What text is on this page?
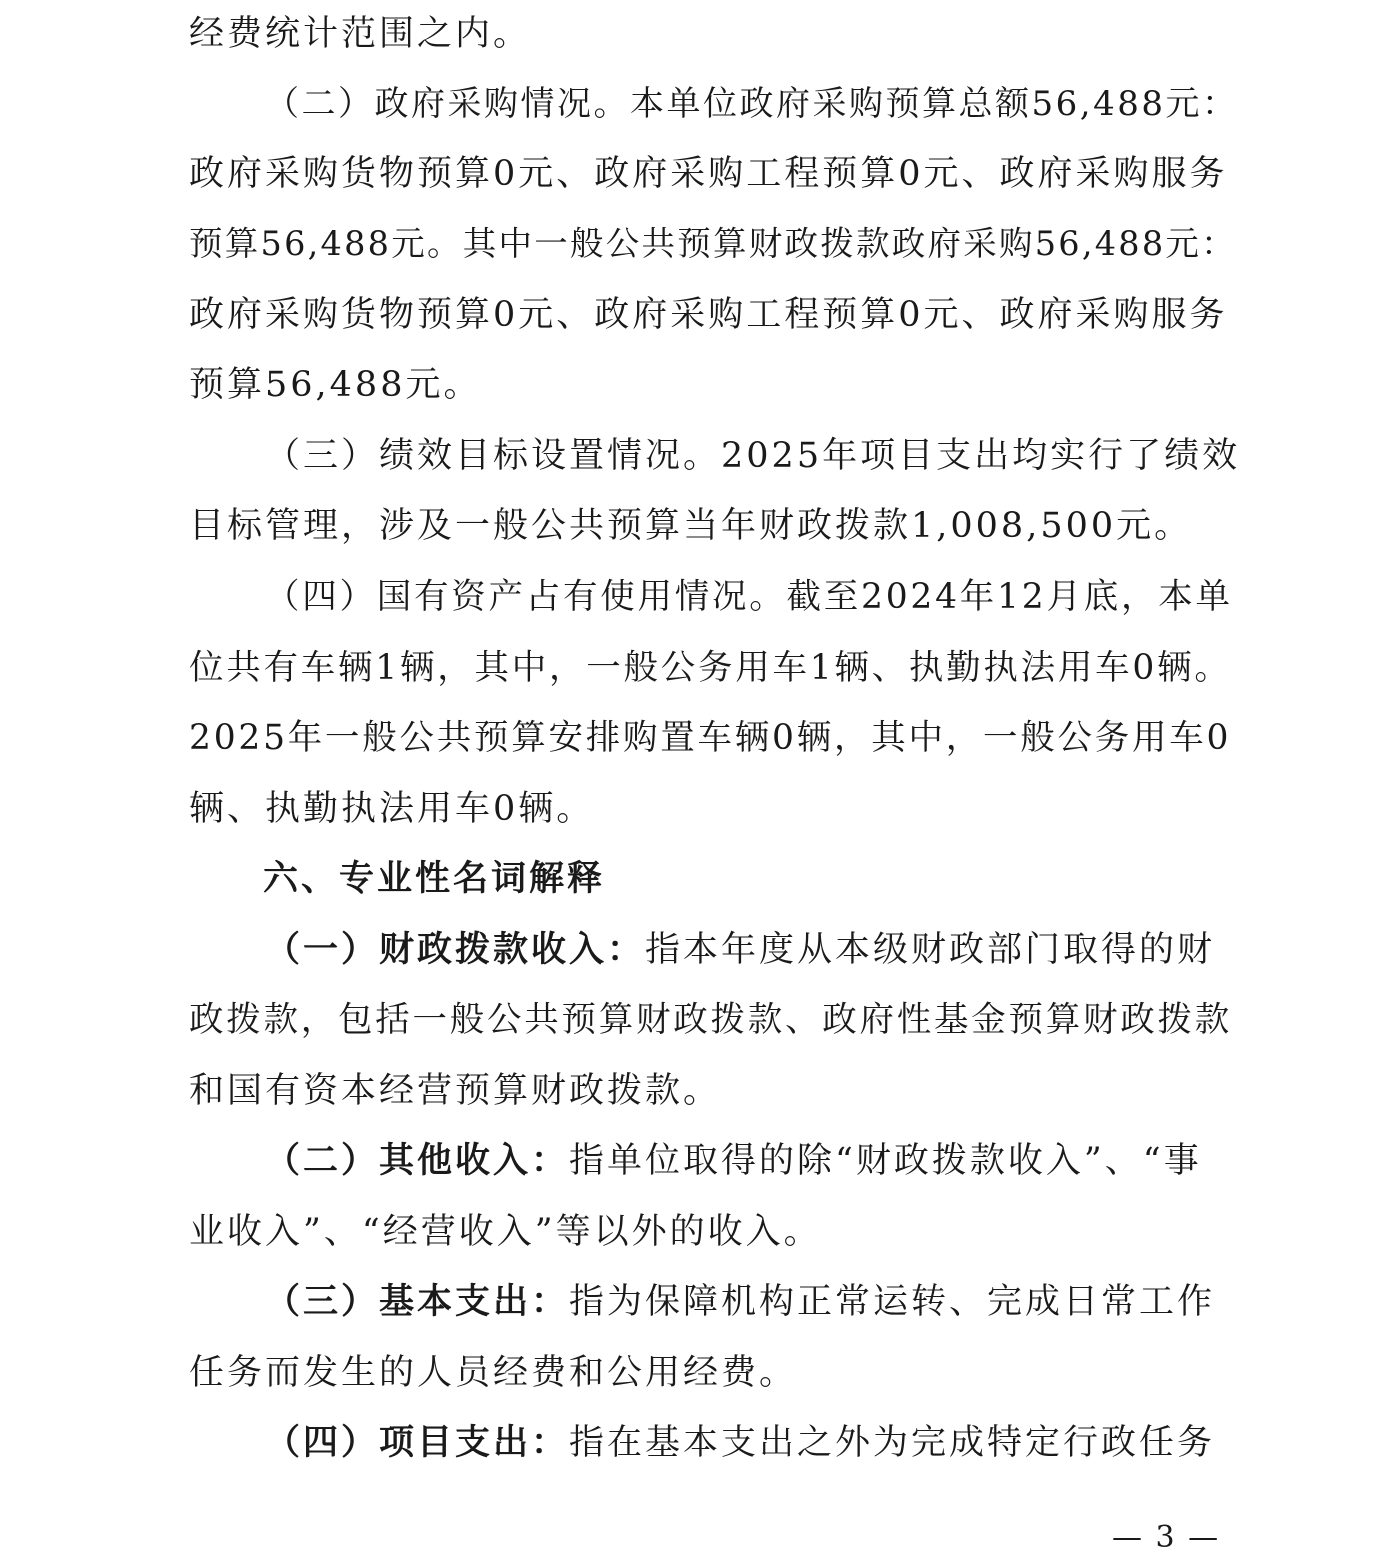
经费统计范围之内。
（二）政府采购情况。本单位政府采购预算总额56,488元：
政府采购货物预算0元、政府采购工程预算0元、政府采购服务
预算56,488元。其中一般公共预算财政拨款政府采购56,488元：
政府采购货物预算0元、政府采购工程预算0元、政府采购服务
预算56,488元。
（三）绩效目标设置情况。2025年项目支出均实行了绩效
目标管理，涉及一般公共预算当年财政拨款1,008,500元。
（四）国有资产占有使用情况。截至2024年12月底，本单
位共有车辆1辆，其中，一般公务用车1辆、执勤执法用车0辆。
2025年一般公共预算安排购置车辆0辆，其中，一般公务用车0
辆、执勤执法用车0辆。
六、专业性名词解释
（一）财政拨款收入：指本年度从本级财政部门取得的财
政拨款，包括一般公共预算财政拨款、政府性基金预算财政拨款
和国有资本经营预算财政拨款。
（二）其他收入：指单位取得的除“财政拨款收入”、“事
业收入”、“经营收入”等以外的收入。
（三）基本支出：指为保障机构正常运转、完成日常工作
任务而发生的人员经费和公用经费。
（四）项目支出：指在基本支出之外为完成特定行政任务
— 3 —
